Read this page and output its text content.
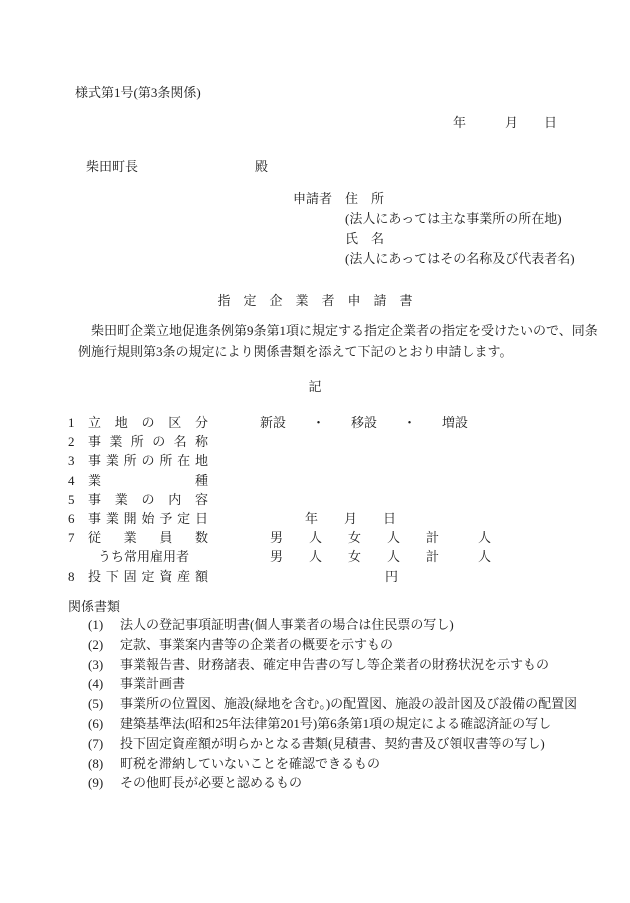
様式第1号(第3条関係)
年　　　月　　日
柴田町長	殿
申請者 住　所
(法人にあっては主な事業所の所在地)
氏　名
(法人にあってはその名称及び代表者名)
指　定　企　業　者　申　請　書
柴田町企業立地促進条例第9条第1項に規定する指定企業者の指定を受けたいので、同条
例施行規則第3条の規定により関係書類を添えて下記のとおり申請します。
記
1 立地の区分	新設　　・　　移設　　・　　増設
2 事業所の名称
3 事業所の所在地
4 業種
5 事業の内容
6 事業開始予定日	年　　月　　日
7 従業員数	男　　人　　女　　人　　計　　　人
うち常用雇用者	男　　人　　女　　人　　計　　　人
8 投下固定資産額	円
関係書類
(1) 法人の登記事項証明書(個人事業者の場合は住民票の写し)
(2) 定款、事業案内書等の企業者の概要を示すもの
(3) 事業報告書、財務諸表、確定申告書の写し等企業者の財務状況を示すもの
(4) 事業計画書
(5) 事業所の位置図、施設(緑地を含む。)の配置図、施設の設計図及び設備の配置図
(6) 建築基準法(昭和25年法律第201号)第6条第1項の規定による確認済証の写し
(7) 投下固定資産額が明らかとなる書類(見積書、契約書及び領収書等の写し)
(8) 町税を滞納していないことを確認できるもの
(9) その他町長が必要と認めるもの
